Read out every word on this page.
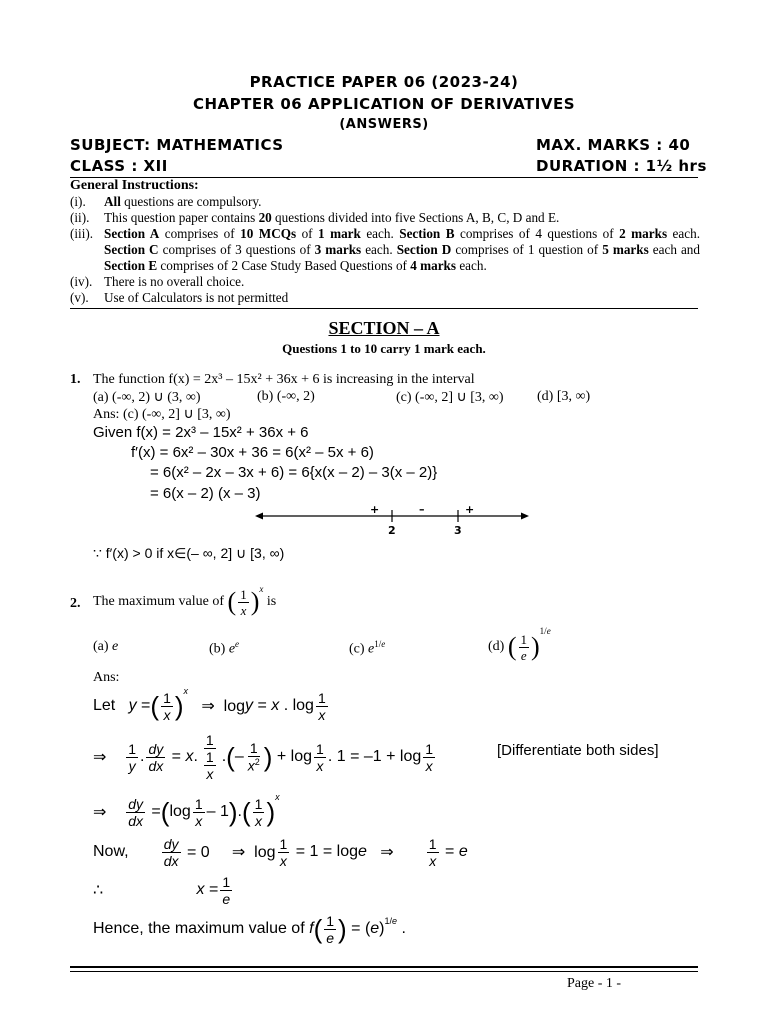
PRACTICE PAPER 06 (2023-24)
CHAPTER 06 APPLICATION OF DERIVATIVES
(ANSWERS)
SUBJECT: MATHEMATICS	MAX. MARKS : 40
CLASS : XII	DURATION : 1½ hrs
General Instructions:
(i). All questions are compulsory.
(ii). This question paper contains 20 questions divided into five Sections A, B, C, D and E.
(iii). Section A comprises of 10 MCQs of 1 mark each. Section B comprises of 4 questions of 2 marks each. Section C comprises of 3 questions of 3 marks each. Section D comprises of 1 question of 5 marks each and Section E comprises of 2 Case Study Based Questions of 4 marks each.
(iv). There is no overall choice.
(v). Use of Calculators is not permitted
SECTION – A
Questions 1 to 10 carry 1 mark each.
1. The function f(x) = 2x³ – 15x² + 36x + 6 is increasing in the interval
(a) (-∞, 2) ∪ (3, ∞)	(b) (-∞, 2)	(c) (-∞, 2] ∪ [3, ∞) (d) [3, ∞)
Ans: (c) (-∞, 2] ∪ [3, ∞)
Given f(x) = 2x³ – 15x² + 36x + 6
f′(x) = 6x² – 30x + 36 = 6(x² – 5x + 6)
= 6(x² – 2x – 3x + 6) = 6{x(x – 2) – 3(x – 2)}
= 6(x – 2) (x – 3)
+	–	+
2	3
∵ f′(x) > 0 if x∈(– ∞, 2] ∪ [3, ∞)
2. The maximum value of
( $\frac{1}{x}$ ) $^x$

is
(a) e	(b) $e^e$	(c) $e^{1/e}$	(d)
( $\frac{1}{e}$ )
$^{1/e}$
Ans:
Let
y = ( $\frac{1}{x}$ ) $^x$
⇒  log y = x . $\log \frac{1}{x}$
⇒ $\frac{1}{y}$ . $\frac{dy}{dx} = x$ . $\frac{1}{\frac{1}{x}}$ . ( – $\frac{1}{x^2}$ ) + $\log \frac{1}{x}$ . $1 = -1 + \log \frac{1}{x}$	[Differentiate both sides]
⇒ $\frac{dy}{dx}$ = ( $\log \frac{1}{x} - 1$ ) . ( $\frac{1}{x}$ ) $^x$
Now,
$\frac{dy}{dx} = 0$     ⇒  $\log \frac{1}{x} = 1 = \log e$ ⇒ $\frac{1}{x} = e$
∴
	$x = \frac{1}{e}$
Hence, the maximum value of
f ( $\frac{1}{e}$ ) = ( e )$^{1/e}$ .
Page - 1 -
